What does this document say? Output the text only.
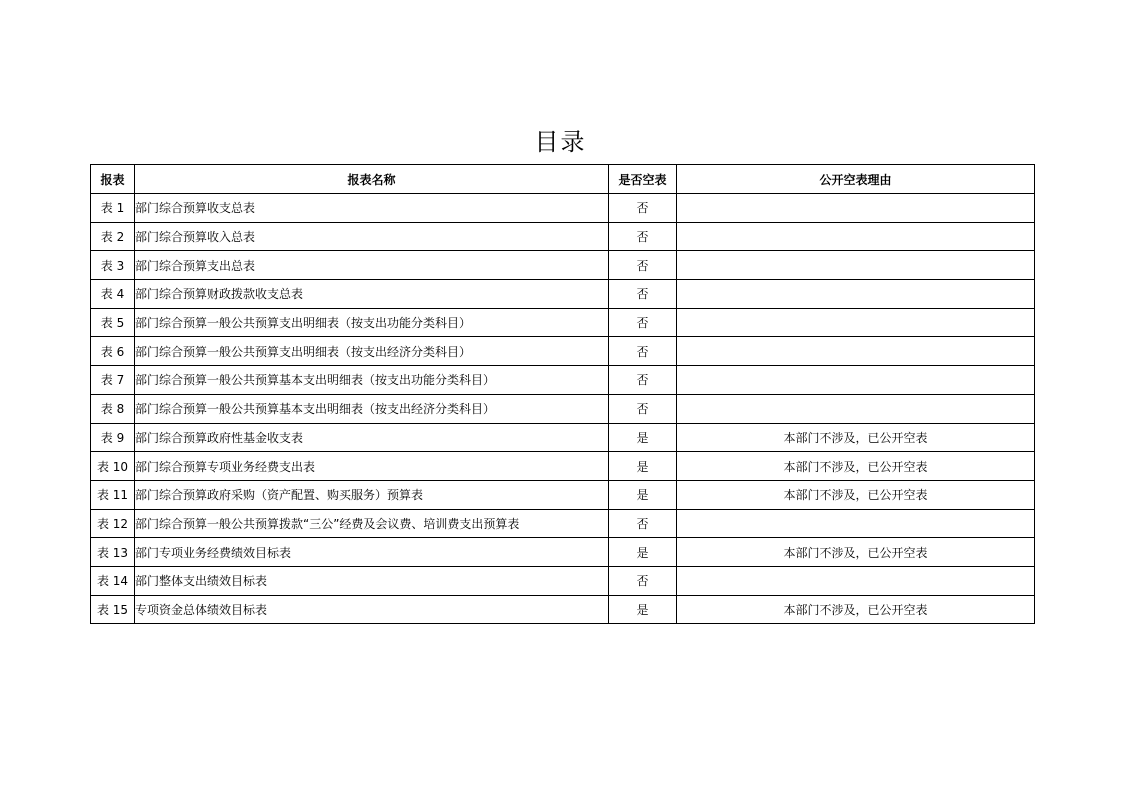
目录
报表	报表名称	是否空表	公开空表理由
表 1	部门综合预算收支总表	否	
表 2	部门综合预算收入总表	否	
表 3	部门综合预算支出总表	否	
表 4	部门综合预算财政拨款收支总表	否	
表 5	部门综合预算一般公共预算支出明细表（按支出功能分类科目）	否	
表 6	部门综合预算一般公共预算支出明细表（按支出经济分类科目）	否	
表 7	部门综合预算一般公共预算基本支出明细表（按支出功能分类科目）	否	
表 8	部门综合预算一般公共预算基本支出明细表（按支出经济分类科目）	否	
表 9	部门综合预算政府性基金收支表	是	本部门不涉及，已公开空表
表 10	部门综合预算专项业务经费支出表	是	本部门不涉及，已公开空表
表 11	部门综合预算政府采购（资产配置、购买服务）预算表	是	本部门不涉及，已公开空表
表 12	部门综合预算一般公共预算拨款“三公”经费及会议费、培训费支出预算表	否	
表 13	部门专项业务经费绩效目标表	是	本部门不涉及，已公开空表
表 14	部门整体支出绩效目标表	否	
表 15	专项资金总体绩效目标表	是	本部门不涉及，已公开空表
